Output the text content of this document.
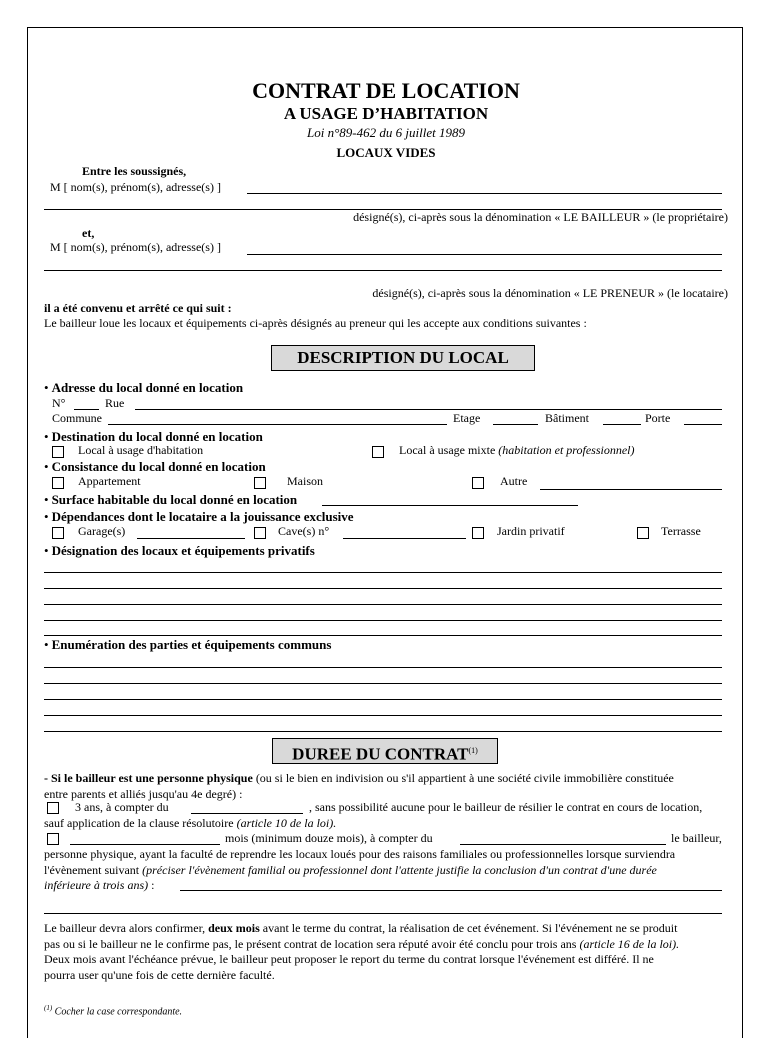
CONTRAT DE LOCATION
A USAGE D’HABITATION
Loi n°89-462 du 6 juillet 1989
LOCAUX VIDES
Entre les soussignés,
M [ nom(s), prénom(s), adresse(s) ]
désigné(s), ci-après sous la dénomination « LE BAILLEUR » (le propriétaire)
et,
M [ nom(s), prénom(s), adresse(s) ]
désigné(s), ci-après sous la dénomination « LE PRENEUR » (le locataire)
il a été convenu et arrêté ce qui suit :
Le bailleur loue les locaux et équipements ci-après désignés au preneur qui les accepte aux conditions suivantes :
DESCRIPTION DU LOCAL
• Adresse du local donné en location
N°	Rue
Commune	Etage	Bâtiment	Porte
• Destination du local donné en location
Local à usage d'habitation	Local à usage mixte (habitation et professionnel)
• Consistance du local donné en location
Appartement	Maison	Autre
• Surface habitable du local donné en location
• Dépendances dont le locataire a la jouissance exclusive
Garage(s)	Cave(s) n°	Jardin privatif	Terrasse
• Désignation des locaux et équipements privatifs
• Enumération des parties et équipements communs
DUREE DU CONTRAT$^{(1)}$
- Si le bailleur est une personne physique (ou si le bien en indivision ou s'il appartient à une société civile immobilière constituée
entre parents et alliés jusqu'au 4e degré) :
3 ans, à compter du	, sans possibilité aucune pour le bailleur de résilier le contrat en cours de location,
sauf application de la clause résolutoire (article 10 de la loi).
mois (minimum douze mois), à compter du	le bailleur,
personne physique, ayant la faculté de reprendre les locaux loués pour des raisons familiales ou professionnelles lorsque surviendra
l'évènement suivant (préciser l'évènement familial ou professionnel dont l'attente justifie la conclusion d'un contrat d'une durée
inférieure à trois ans) :
Le bailleur devra alors confirmer, deux mois avant le terme du contrat, la réalisation de cet événement. Si l'événement ne se produit
pas ou si le bailleur ne le confirme pas, le présent contrat de location sera réputé avoir été conclu pour trois ans (article 16 de la loi).
Deux mois avant l'échéance prévue, le bailleur peut proposer le report du terme du contrat lorsque l'événement est différé. Il ne
pourra user qu'une fois de cette dernière faculté.
$^{(1)}$ Cocher la case correspondante.
